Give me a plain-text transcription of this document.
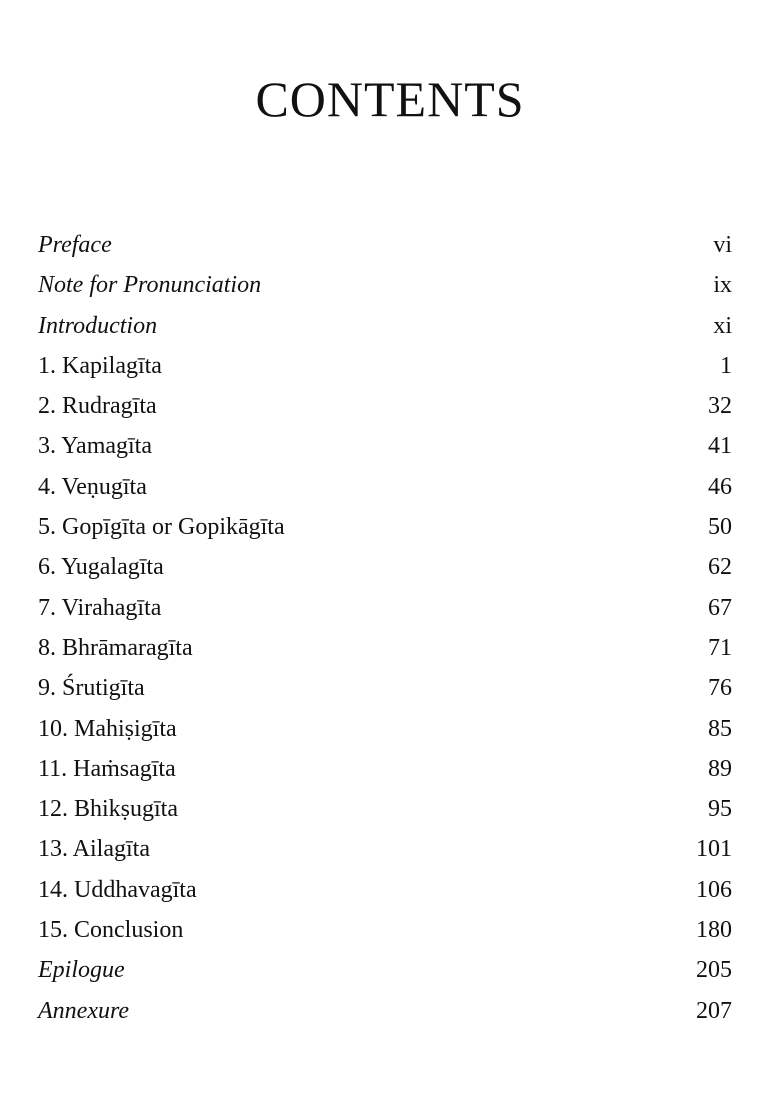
CONTENTS
Preface	vi
Note for Pronunciation	ix
Introduction	xi
1. Kapilagīta	1
2. Rudragīta	32
3. Yamagīta	41
4. Veṇugīta	46
5. Gopīgīta or Gopikāgīta	50
6. Yugalagīta	62
7. Virahagīta	67
8. Bhrāmaragīta	71
9. Śrutigīta	76
10. Mahiṣigīta	85
11. Haṁsagīta	89
12. Bhikṣugīta	95
13. Ailagīta	101
14. Uddhavagīta	106
15. Conclusion	180
Epilogue	205
Annexure	207
